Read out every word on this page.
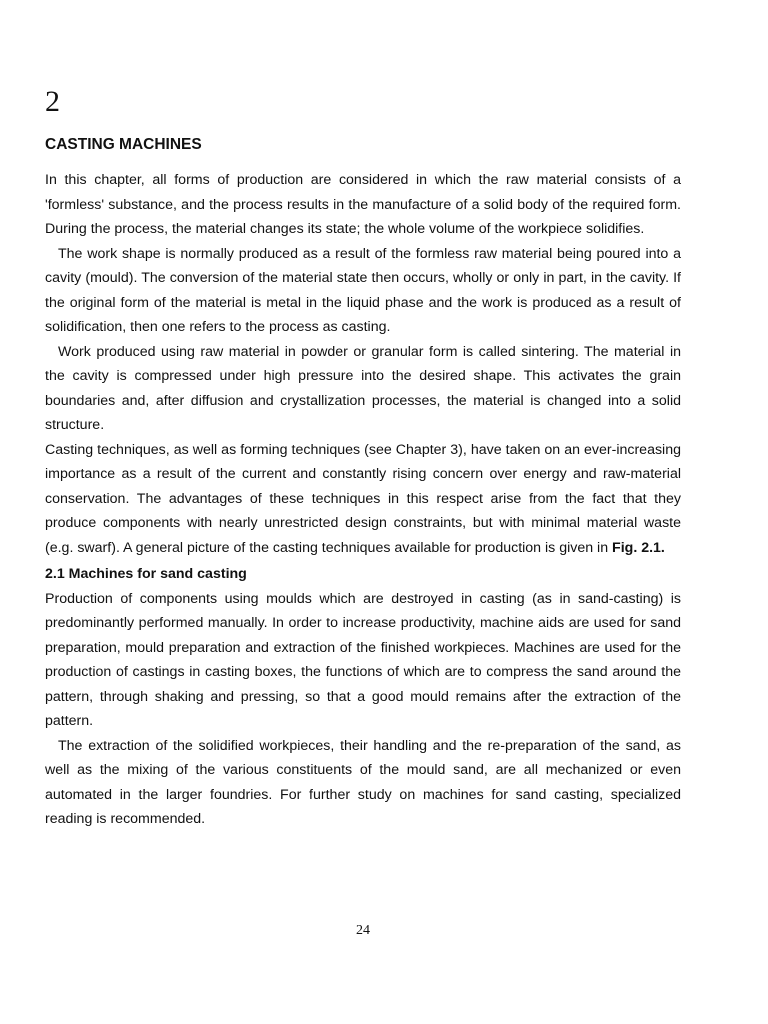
2
CASTING MACHINES

In this chapter, all forms of production are considered in which the raw material consists of a 'formless' substance, and the process results in the manufacture of a solid body of the required form. During the process, the material changes its state; the whole volume of the workpiece solidifies.

The work shape is normally produced as a result of the formless raw material being poured into a cavity (mould). The conversion of the material state then occurs, wholly or only in part, in the cavity. If the original form of the material is metal in the liquid phase and the work is produced as a result of solidification, then one refers to the process as casting.

Work produced using raw material in powder or granular form is called sintering. The material in the cavity is compressed under high pressure into the desired shape. This activates the grain boundaries and, after diffusion and crystallization processes, the material is changed into a solid structure.

Casting techniques, as well as forming techniques (see Chapter 3), have taken on an ever-increasing importance as a result of the current and constantly rising concern over energy and raw-material conservation. The advantages of these techniques in this respect arise from the fact that they produce components with nearly unrestricted design constraints, but with minimal material waste (e.g. swarf). A general picture of the casting techniques available for production is given in Fig. 2.1.

2.1 Machines for sand casting

Production of components using moulds which are destroyed in casting (as in sand-casting) is predominantly performed manually. In order to increase productivity, machine aids are used for sand preparation, mould preparation and extraction of the finished workpieces. Machines are used for the production of castings in casting boxes, the functions of which are to compress the sand around the pattern, through shaking and pressing, so that a good mould remains after the extraction of the pattern.

The extraction of the solidified workpieces, their handling and the re-preparation of the sand, as well as the mixing of the various constituents of the mould sand, are all mechanized or even automated in the larger foundries. For further study on machines for sand casting, specialized reading is recommended.

24
